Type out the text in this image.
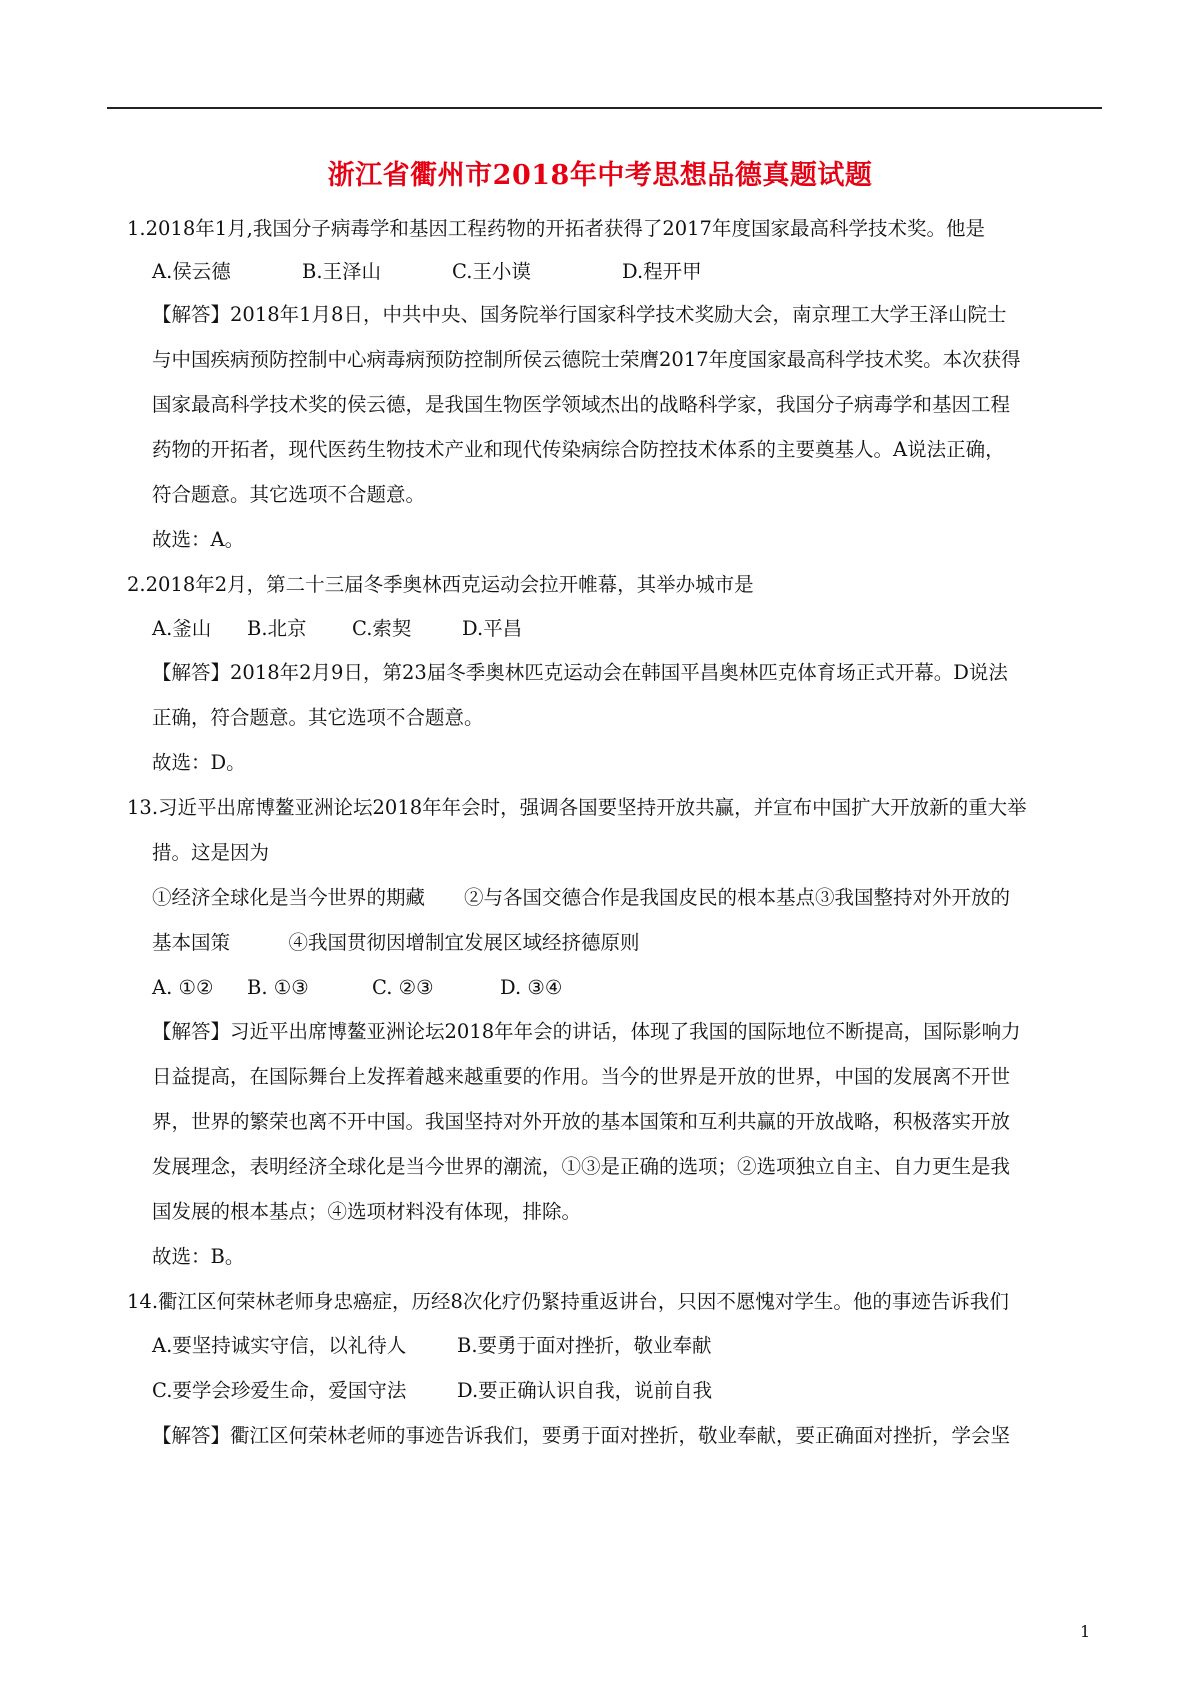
浙江省衢州市2018年中考思想品德真题试题
1.2018年1月,我国分子病毒学和基因工程药物的开拓者获得了2017年度国家最高科学技术奖。他是
A.侯云德	B.王泽山	C.王小谟	D.程开甲
【解答】2018年1月8日，中共中央、国务院举行国家科学技术奖励大会，南京理工大学王泽山院士
与中国疾病预防控制中心病毒病预防控制所侯云德院士荣膺2017年度国家最高科学技术奖。本次获得
国家最高科学技术奖的侯云德，是我国生物医学领域杰出的战略科学家，我国分子病毒学和基因工程
药物的开拓者，现代医药生物技术产业和现代传染病综合防控技术体系的主要奠基人。A说法正确，
符合题意。其它选项不合题意。
故选：A。
2.2018年2月，第二十三届冬季奥林西克运动会拉开帷幕，其举办城市是
A.釜山 B.北京 C.索契	D.平昌
【解答】2018年2月9日，第23届冬季奥林匹克运动会在韩国平昌奥林匹克体育场正式开幕。D说法
正确，符合题意。其它选项不合题意。
故选：D。
13.习近平出席博鳌亚洲论坛2018年年会时，强调各国要坚持开放共赢，并宣布中国扩大开放新的重大举
措。这是因为
①经济全球化是当今世界的期藏　　②与各国交德合作是我国皮民的根本基点③我国整持对外开放的
基本国策　　　④我国贯彻因增制宜发展区域经挤德原则
A. ①② B. ①③	C. ②③	D. ③④
【解答】习近平出席博鳌亚洲论坛2018年年会的讲话，体现了我国的国际地位不断提高，国际影响力
日益提高，在国际舞台上发挥着越来越重要的作用。当今的世界是开放的世界，中国的发展离不开世
界，世界的繁荣也离不开中国。我国坚持对外开放的基本国策和互利共赢的开放战略，积极落实开放
发展理念，表明经济全球化是当今世界的潮流，①③是正确的选项；②选项独立自主、自力更生是我
国发展的根本基点；④选项材料没有体现，排除。
故选：B。
14.衢江区何荣林老师身忠癌症，历经8次化疗仍緊持重返讲台，只因不愿愧对学生。他的事迹告诉我们
A.要坚持诚实守信，以礼待人	B.要勇于面对挫折，敬业奉献
C.要学会珍爱生命，爱国守法	D.要正确认识自我，说前自我
【解答】衢江区何荣林老师的事迹告诉我们，要勇于面对挫折，敬业奉献，要正确面对挫折，学会坚
1
